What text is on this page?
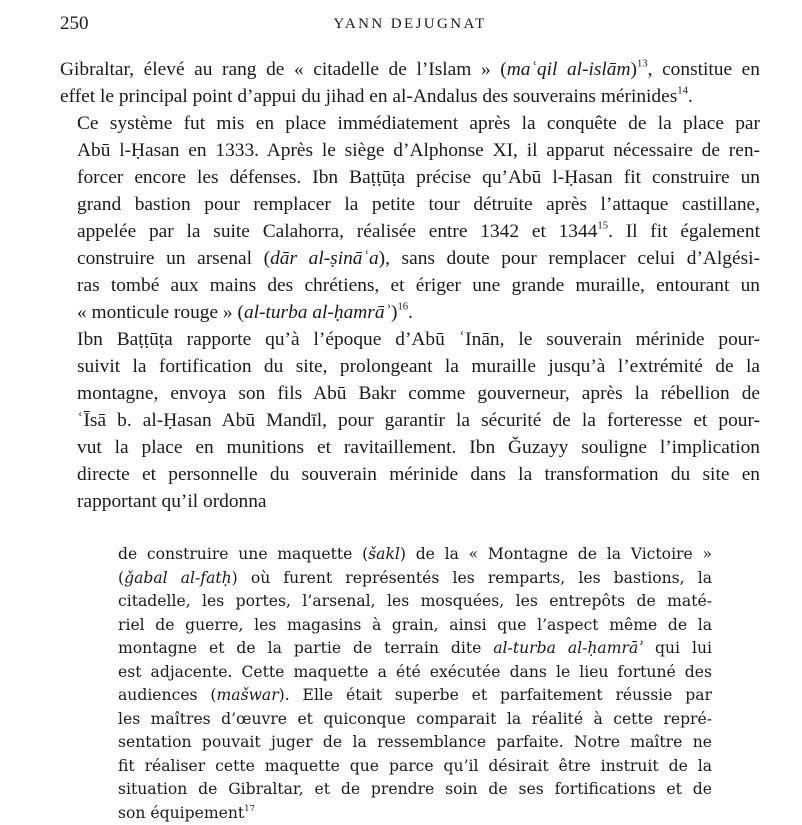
250	YANN DEJUGNAT

Gibraltar, élevé au rang de « citadelle de l’Islam » (maʿqil al-islām)$^{13}$, constitue en
effet le principal point d’appui du jihad en al-Andalus des souverains mérinides$^{14}$.

Ce système fut mis en place immédiatement après la conquête de la place par
Abū l-Ḥasan en 1333. Après le siège d’Alphonse XI, il apparut nécessaire de ren-
forcer encore les défenses. Ibn Baṭṭūṭa précise qu’Abū l-Ḥasan fit construire un
grand bastion pour remplacer la petite tour détruite après l’attaque castillane,
appelée par la suite Calahorra, réalisée entre 1342 et 1344$^{15}$. Il fit également
construire un arsenal (dār al-ṣināʿa), sans doute pour remplacer celui d’Algési-
ras tombé aux mains des chrétiens, et ériger une grande muraille, entourant un
« monticule rouge » (al-turba al-ḥamrāʾ)$^{16}$.

Ibn Baṭṭūṭa rapporte qu’à l’époque d’Abū ʿInān, le souverain mérinide pour-
suivit la fortification du site, prolongeant la muraille jusqu’à l’extrémité de la
montagne, envoya son fils Abū Bakr comme gouverneur, après la rébellion de
ʿĪsā b. al-Ḥasan Abū Mandīl, pour garantir la sécurité de la forteresse et pour-
vut la place en munitions et ravitaillement. Ibn Ǧuzayy souligne l’implication
directe et personnelle du souverain mérinide dans la transformation du site en
rapportant qu’il ordonna

de construire une maquette (šakl) de la « Montagne de la Victoire »
(ǧabal al-fatḥ) où furent représentés les remparts, les bastions, la
citadelle, les portes, l’arsenal, les mosquées, les entrepôts de maté-
riel de guerre, les magasins à grain, ainsi que l’aspect même de la
montagne et de la partie de terrain dite al-turba al-ḥamrāʾ qui lui
est adjacente. Cette maquette a été exécutée dans le lieu fortuné des
audiences (mašwar). Elle était superbe et parfaitement réussie par
les maîtres d’œuvre et quiconque comparait la réalité à cette repré-
sentation pouvait juger de la ressemblance parfaite. Notre maître ne
fit réaliser cette maquette que parce qu’il désirait être instruit de la
situation de Gibraltar, et de prendre soin de ses fortifications et de
son équipement$^{17}$
